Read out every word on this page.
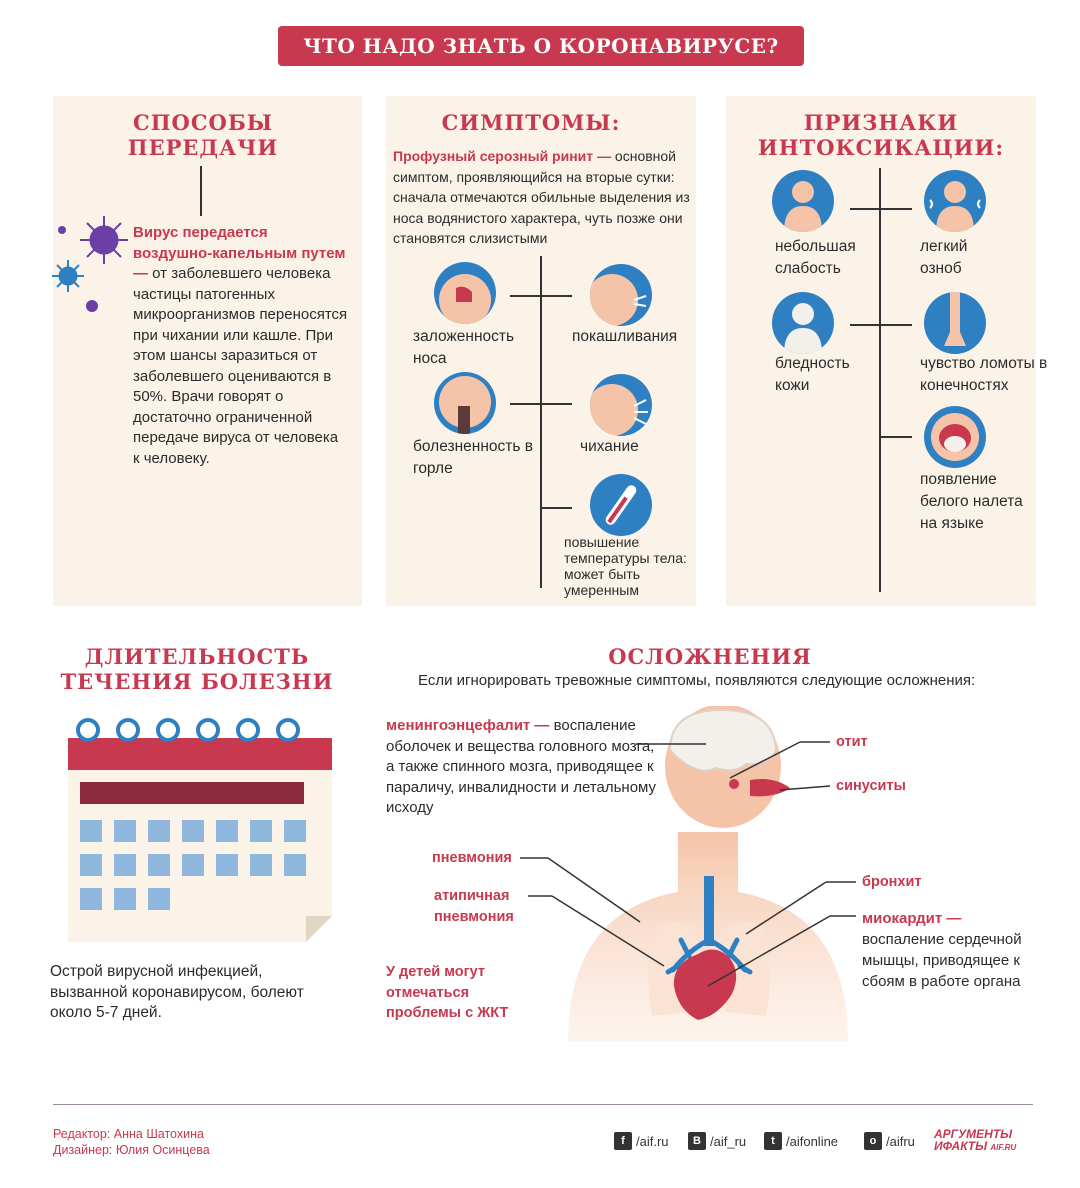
ЧТО НАДО ЗНАТЬ О КОРОНАВИРУСЕ?
СПОСОБЫ
ПЕРЕДАЧИ
Вирус передается воздушно-капельным путем — от заболевшего человека частицы патогенных микроорганизмов переносятся при чихании или кашле. При этом шансы заразиться от заболевшего оцениваются в 50%. Врачи говорят о достаточно ограниченной передаче вируса от человека к человеку.
СИМПТОМЫ:
Профузный серозный ринит — основной симптом, проявляющийся на вторые сутки: сначала отмечаются обильные выделения из носа водянистого характера, чуть позже они становятся слизистыми
заложенность носа
покашливания
болезненность в горле
чихание
повышение температуры тела: может быть умеренным
ПРИЗНАКИ
ИНТОКСИКАЦИИ:
небольшая слабость
легкий озноб
бледность кожи
чувство ломоты в конечностях
появление белого налета на языке
ДЛИТЕЛЬНОСТЬ
ТЕЧЕНИЯ БОЛЕЗНИ
Острой вирусной инфекцией, вызванной коронавирусом, болеют около 5-7 дней.
ОСЛОЖНЕНИЯ
Если игнорировать тревожные симптомы, появляются следующие осложнения:
менингоэнцефалит — воспаление оболочек и вещества головного мозга, а также спинного мозга, приводящее к параличу, инвалидности и летальному исходу
пневмония
атипичная пневмония
У детей могут отмечаться проблемы с ЖКТ
отит
синуситы
бронхит
миокардит —
воспаление сердечной мышцы, приводящее к сбоям в работе органа
Редактор: Анна Шатохина
Дизайнер: Юлия Осинцева
f /aif.ru	B /aif_ru	t /aifonline	o /aifru АРГУМЕНТЫ
ИФАКТЫ AIF.RU
